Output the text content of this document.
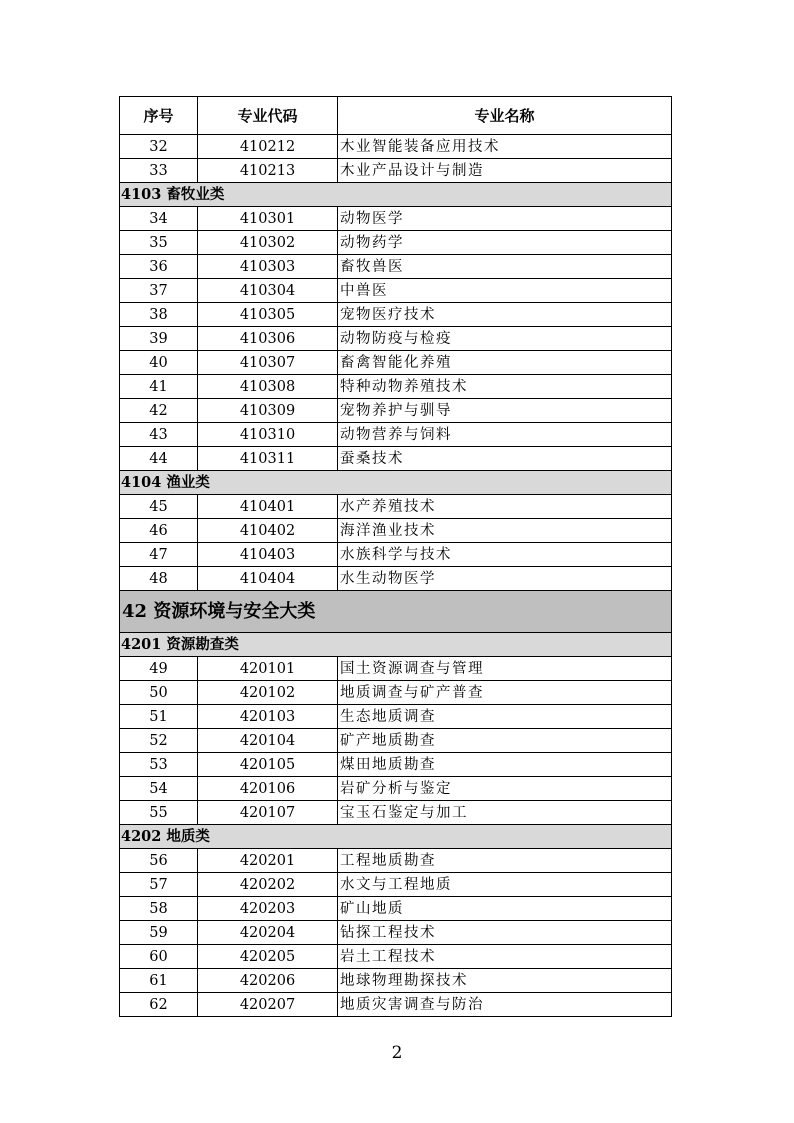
序号	专业代码	专业名称
32	410212	木业智能装备应用技术
33	410213	木业产品设计与制造
4103 畜牧业类		
34	410301	动物医学
35	410302	动物药学
36	410303	畜牧兽医
37	410304	中兽医
38	410305	宠物医疗技术
39	410306	动物防疫与检疫
40	410307	畜禽智能化养殖
41	410308	特种动物养殖技术
42	410309	宠物养护与驯导
43	410310	动物营养与饲料
44	410311	蚕桑技术
4104 渔业类		
45	410401	水产养殖技术
46	410402	海洋渔业技术
47	410403	水族科学与技术
48	410404	水生动物医学
42 资源环境与安全大类		
4201 资源勘查类		
49	420101	国土资源调查与管理
50	420102	地质调查与矿产普查
51	420103	生态地质调查
52	420104	矿产地质勘查
53	420105	煤田地质勘查
54	420106	岩矿分析与鉴定
55	420107	宝玉石鉴定与加工
4202 地质类		
56	420201	工程地质勘查
57	420202	水文与工程地质
58	420203	矿山地质
59	420204	钻探工程技术
60	420205	岩土工程技术
61	420206	地球物理勘探技术
62	420207	地质灾害调查与防治
2
